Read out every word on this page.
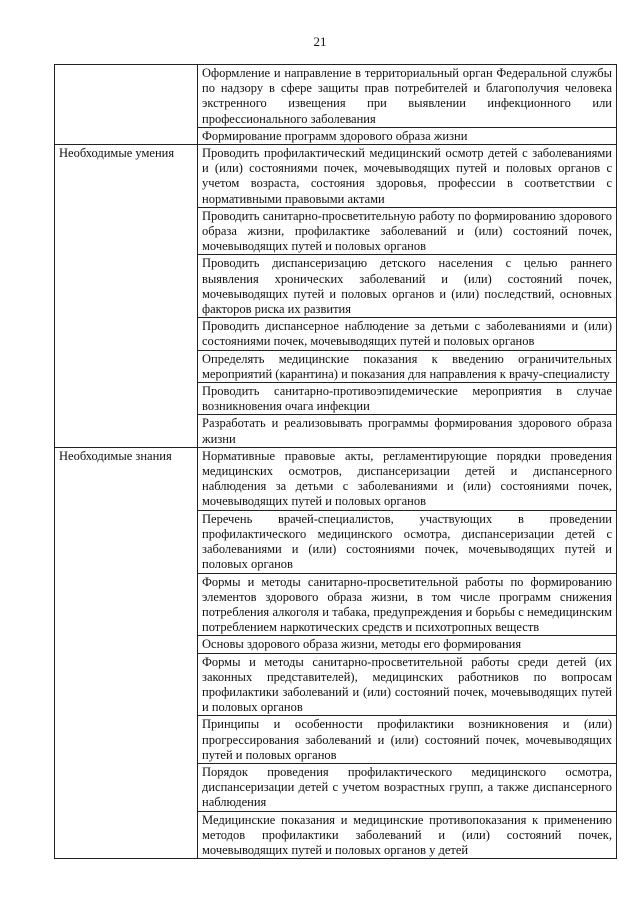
21
	Оформление и направление в территориальный орган Федеральной службы по надзору в сфере защиты прав потребителей и благополучия человека экстренного извещения при выявлении инфекционного или профессионального заболевания
	Формирование программ здорового образа жизни
Необходимые умения	Проводить профилактический медицинский осмотр детей с заболеваниями и (или) состояниями почек, мочевыводящих путей и половых органов с учетом возраста, состояния здоровья, профессии в соответствии с нормативными правовыми актами
	Проводить санитарно-просветительную работу по формированию здорового образа жизни, профилактике заболеваний и (или) состояний почек, мочевыводящих путей и половых органов
	Проводить диспансеризацию детского населения с целью раннего выявления хронических заболеваний и (или) состояний почек, мочевыводящих путей и половых органов и (или) последствий, основных факторов риска их развития
	Проводить диспансерное наблюдение за детьми с заболеваниями и (или) состояниями почек, мочевыводящих путей и половых органов
	Определять медицинские показания к введению ограничительных мероприятий (карантина) и показания для направления к врачу-специалисту
	Проводить санитарно-противоэпидемические мероприятия в случае возникновения очага инфекции
	Разработать и реализовывать программы формирования здорового образа жизни
Необходимые знания	Нормативные правовые акты, регламентирующие порядки проведения медицинских осмотров, диспансеризации детей и диспансерного наблюдения за детьми с заболеваниями и (или) состояниями почек, мочевыводящих путей и половых органов
	Перечень врачей-специалистов, участвующих в проведении профилактического медицинского осмотра, диспансеризации детей с заболеваниями и (или) состояниями почек, мочевыводящих путей и половых органов
	Формы и методы санитарно-просветительной работы по формированию элементов здорового образа жизни, в том числе программ снижения потребления алкоголя и табака, предупреждения и борьбы с немедицинским потреблением наркотических средств и психотропных веществ
	Основы здорового образа жизни, методы его формирования
	Формы и методы санитарно-просветительной работы среди детей (их законных представителей), медицинских работников по вопросам профилактики заболеваний и (или) состояний почек, мочевыводящих путей и половых органов
	Принципы и особенности профилактики возникновения и (или) прогрессирования заболеваний и (или) состояний почек, мочевыводящих путей и половых органов
	Порядок проведения профилактического медицинского осмотра, диспансеризации детей с учетом возрастных групп, а также диспансерного наблюдения
	Медицинские показания и медицинские противопоказания к применению методов профилактики заболеваний и (или) состояний почек, мочевыводящих путей и половых органов у детей
